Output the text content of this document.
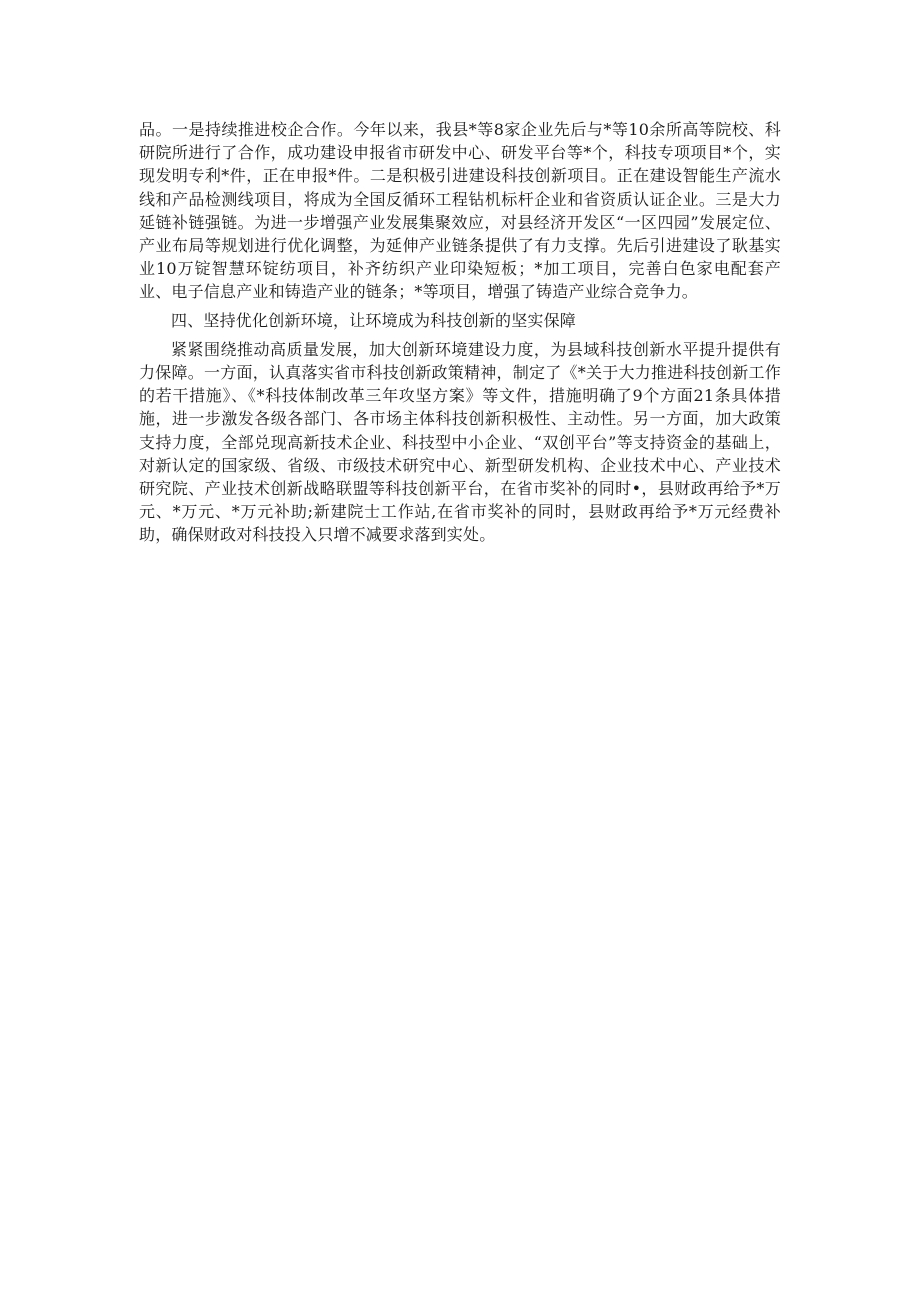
品。一是持续推进校企合作。今年以来，我县*等8家企业先后与*等10余所高等院校、科研院所进行了合作，成功建设申报省市研发中心、研发平台等*个，科技专项项目*个，实现发明专利*件，正在申报*件。二是积极引进建设科技创新项目。正在建设智能生产流水线和产品检测线项目，将成为全国反循环工程钻机标杆企业和省资质认证企业。三是大力延链补链强链。为进一步增强产业发展集聚效应，对县经济开发区“一区四园”发展定位、产业布局等规划进行优化调整，为延伸产业链条提供了有力支撑。先后引进建设了耿基实业10万锭智慧环锭纺项目，补齐纺织产业印染短板；*加工项目，完善白色家电配套产业、电子信息产业和铸造产业的链条；*等项目，增强了铸造产业综合竞争力。

四、坚持优化创新环境，让环境成为科技创新的坚实保障

紧紧围绕推动高质量发展，加大创新环境建设力度，为县域科技创新水平提升提供有力保障。一方面，认真落实省市科技创新政策精神，制定了《*关于大力推进科技创新工作的若干措施》、《*科技体制改革三年攻坚方案》等文件，措施明确了9个方面21条具体措施，进一步激发各级各部门、各市场主体科技创新积极性、主动性。另一方面，加大政策支持力度，全部兑现高新技术企业、科技型中小企业、“双创平台”等支持资金的基础上，对新认定的国家级、省级、市级技术研究中心、新型研发机构、企业技术中心、产业技术研究院、产业技术创新战略联盟等科技创新平台，在省市奖补的同时•，县财政再给予*万元、*万元、*万元补助;新建院士工作站,在省市奖补的同时，县财政再给予*万元经费补助，确保财政对科技投入只增不减要求落到实处。
